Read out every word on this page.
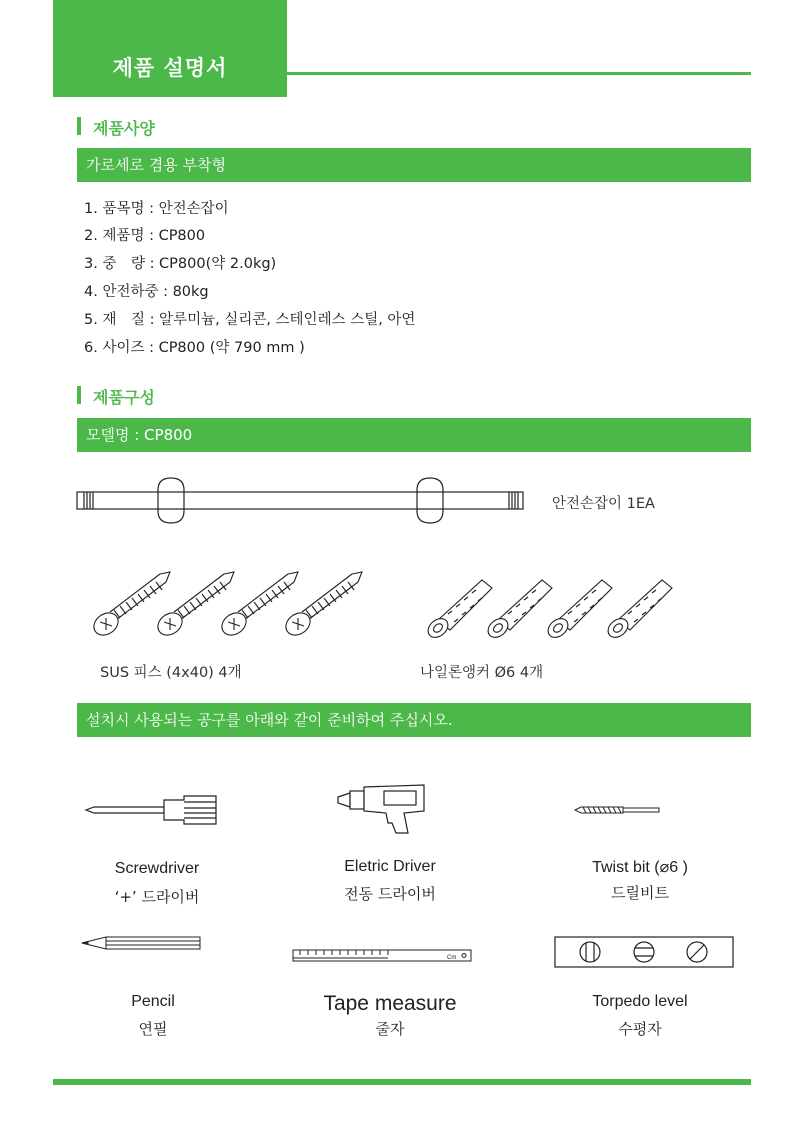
제품 설명서
제품사양
가로세로 겸용 부착형
1. 품목명 : 안전손잡이
2. 제품명 : CP800
3. 중　량 : CP800(약 2.0kg)
4. 안전하중 : 80kg
5. 재　질 : 알루미늄, 실리콘, 스테인레스 스틸, 아연
6. 사이즈 : CP800 (약 790 mm )
제품구성
모델명 : CP800
안전손잡이 1EA
SUS 피스 (4x40) 4개	나일론앵커 Ø6 4개
설치시 사용되는 공구를 아래와 같이 준비하여 주십시오.
Cm
Screwdriver
‘+’ 드라이버
Eletric Driver
전동 드라이버
Twist bit (⌀6 )
드릴비트
Pencil
연필
Tape measure
줄자
Torpedo level
수평자
